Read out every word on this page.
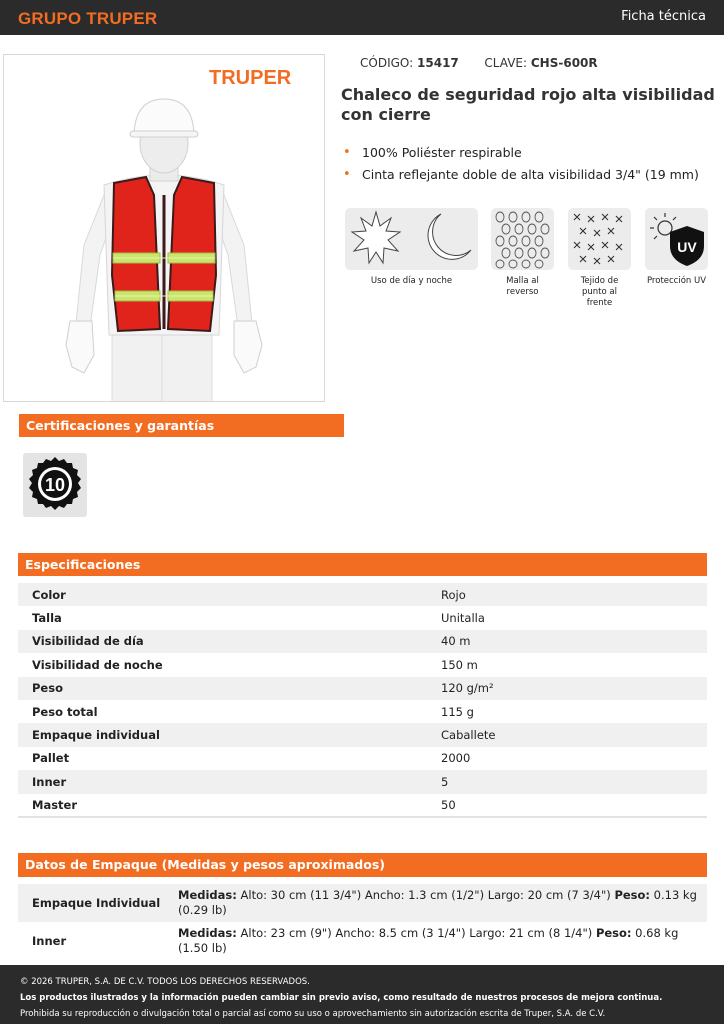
GRUPO TRUPER	Ficha técnica
TRUPER
CÓDIGO: 15417 CLAVE: CHS-600R
Chaleco de seguridad rojo alta visibilidad con cierre
• 100% Poliéster respirable
• Cinta reflejante doble de alta visibilidad 3/4" (19 mm)
Uso de día y noche	Malla al
reverso
Tejido de
punto al frente
UV
Protección UV
Certificaciones y garantías
10
Especificaciones
Color	Rojo
Talla	Unitalla
Visibilidad de día	40 m
Visibilidad de noche	150 m
Peso	120 g/m²
Peso total	115 g
Empaque individual	Caballete
Pallet	2000
Inner	5
Master	50
Datos de Empaque (Medidas y pesos aproximados)
Empaque Individual	Medidas: Alto: 30 cm (11 3/4") Ancho: 1.3 cm (1/2") Largo: 20 cm (7 3/4") Peso: 0.13 kg (0.29 lb)
Inner	Medidas: Alto: 23 cm (9") Ancho: 8.5 cm (3 1/4") Largo: 21 cm (8 1/4") Peso: 0.68 kg (1.50 lb)
© 2026 TRUPER, S.A. DE C.V. TODOS LOS DERECHOS RESERVADOS.
Los productos ilustrados y la información pueden cambiar sin previo aviso, como resultado de nuestros procesos de mejora continua.
Prohibida su reproducción o divulgación total o parcial así como su uso o aprovechamiento sin autorización escrita de Truper, S.A. de C.V.
